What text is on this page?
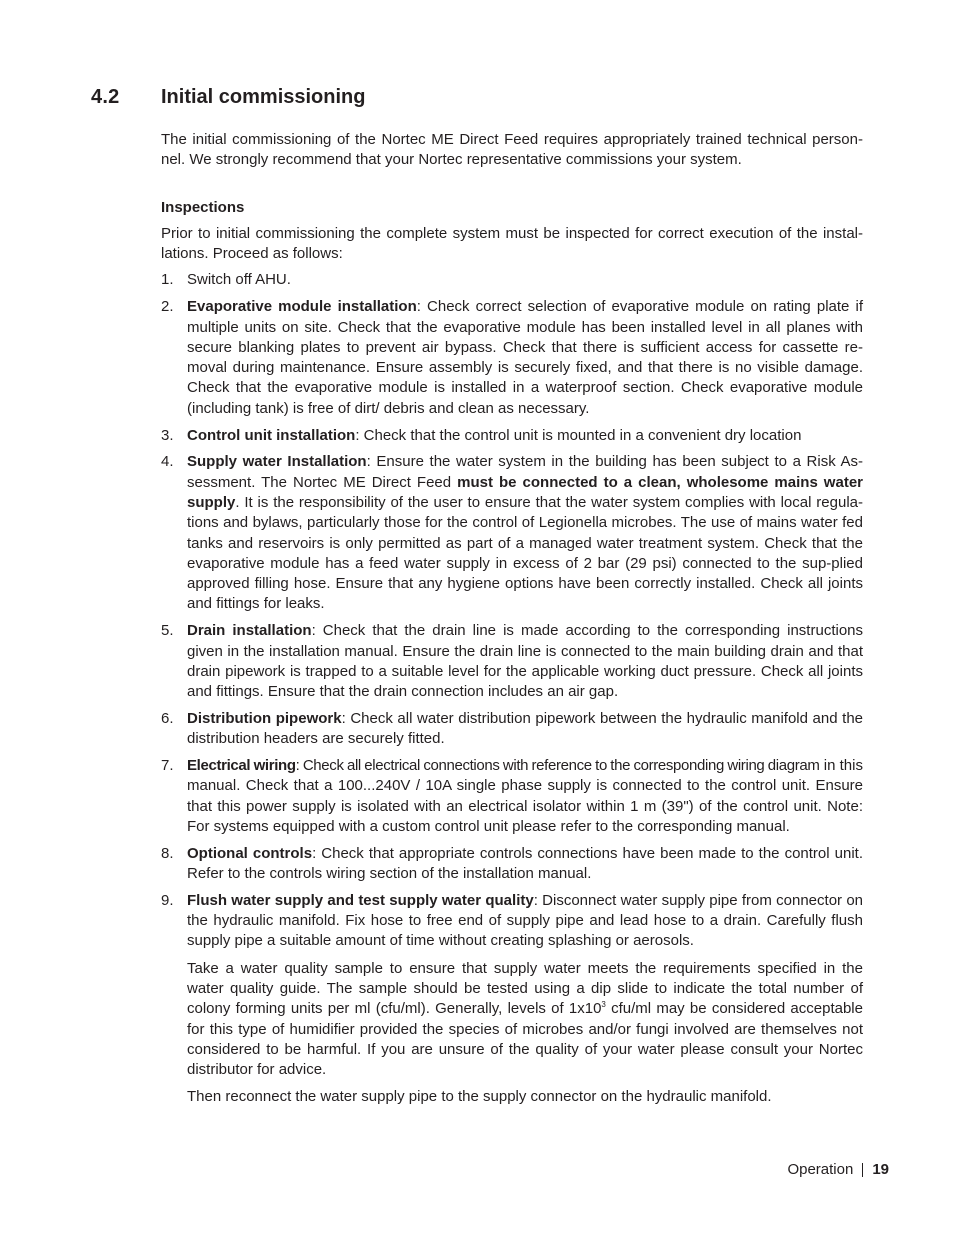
4.2 Initial commissioning

The initial commissioning of the Nortec ME Direct Feed requires appropriately trained technical person-nel. We strongly recommend that your Nortec representative commissions your system.

Inspections

Prior to initial commissioning the complete system must be inspected for correct execution of the instal-lations. Proceed as follows:

1. Switch off AHU.
2. Evaporative module installation: Check correct selection of evaporative module on rating plate if multiple units on site. Check that the evaporative module has been installed level in all planes with secure blanking plates to prevent air bypass. Check that there is sufficient access for cassette re-moval during maintenance. Ensure assembly is securely fixed, and that there is no visible damage. Check that the evaporative module is installed in a waterproof section. Check evaporative module (including tank) is free of dirt/ debris and clean as necessary.
3. Control unit installation: Check that the control unit is mounted in a convenient dry location
4. Supply water Installation: Ensure the water system in the building has been subject to a Risk As-sessment. The Nortec ME Direct Feed must be connected to a clean, wholesome mains water supply. It is the responsibility of the user to ensure that the water system complies with local regula-tions and bylaws, particularly those for the control of Legionella microbes. The use of mains water fed tanks and reservoirs is only permitted as part of a managed water treatment system. Check that the evaporative module has a feed water supply in excess of 2 bar (29 psi) connected to the sup-plied approved filling hose. Ensure that any hygiene options have been correctly installed. Check all joints and fittings for leaks.
5. Drain installation: Check that the drain line is made according to the corresponding instructions given in the installation manual. Ensure the drain line is connected to the main building drain and that drain pipework is trapped to a suitable level for the applicable working duct pressure. Check all joints and fittings. Ensure that the drain connection includes an air gap.
6. Distribution pipework: Check all water distribution pipework between the hydraulic manifold and the distribution headers are securely fitted.
7. Electrical wiring: Check all electrical connections with reference to the corresponding wiring diagram in this manual. Check that a 100...240V / 10A single phase supply is connected to the control unit. Ensure that this power supply is isolated with an electrical isolator within 1 m (39") of the control unit. Note: For systems equipped with a custom control unit please refer to the corresponding manual.
8. Optional controls: Check that appropriate controls connections have been made to the control unit. Refer to the controls wiring section of the installation manual.
9. Flush water supply and test supply water quality: Disconnect water supply pipe from connector on the hydraulic manifold. Fix hose to free end of supply pipe and lead hose to a drain. Carefully flush supply pipe a suitable amount of time without creating splashing or aerosols.

Take a water quality sample to ensure that supply water meets the requirements specified in the water quality guide. The sample should be tested using a dip slide to indicate the total number of colony forming units per ml (cfu/ml). Generally, levels of $1x10^3$ cfu/ml may be considered acceptable for this type of humidifier provided the species of microbes and/or fungi involved are themselves not considered to be harmful. If you are unsure of the quality of your water please consult your Nortec distributor for advice.

Then reconnect the water supply pipe to the supply connector on the hydraulic manifold.

Operation 19
